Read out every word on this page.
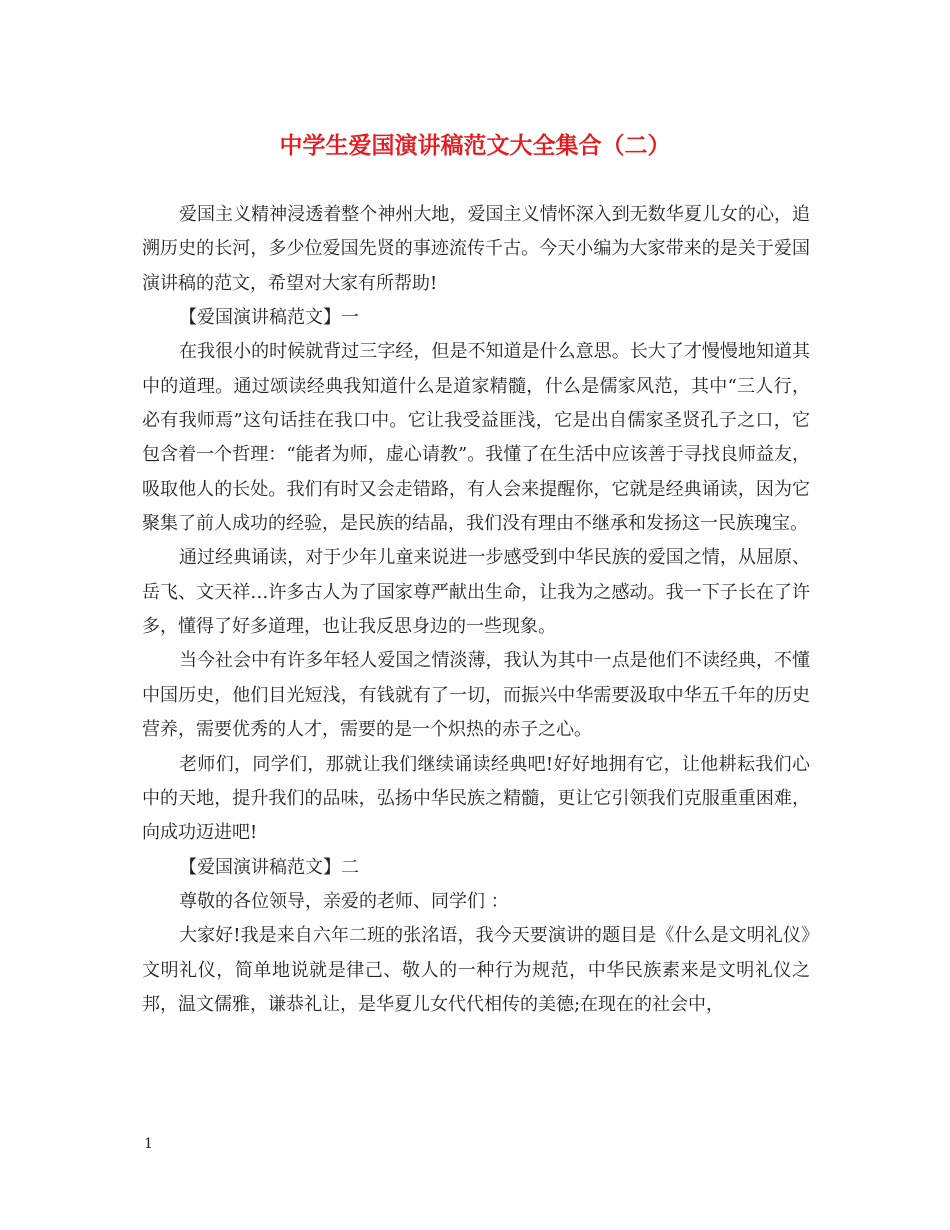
中学生爱国演讲稿范文大全集合（二）

爱国主义精神浸透着整个神州大地，爱国主义情怀深入到无数华夏儿女的心，追溯历史的长河，多少位爱国先贤的事迹流传千古。今天小编为大家带来的是关于爱国演讲稿的范文，希望对大家有所帮助!

【爱国演讲稿范文】一

在我很小的时候就背过三字经，但是不知道是什么意思。长大了才慢慢地知道其中的道理。通过颂读经典我知道什么是道家精髓，什么是儒家风范，其中“三人行，必有我师焉”这句话挂在我口中。它让我受益匪浅，它是出自儒家圣贤孔子之口，它包含着一个哲理：“能者为师，虚心请教”。我懂了在生活中应该善于寻找良师益友，吸取他人的长处。我们有时又会走错路，有人会来提醒你，它就是经典诵读，因为它聚集了前人成功的经验，是民族的结晶，我们没有理由不继承和发扬这一民族瑰宝。

通过经典诵读，对于少年儿童来说进一步感受到中华民族的爱国之情，从屈原、岳飞、文天祥…许多古人为了国家尊严献出生命，让我为之感动。我一下子长在了许多，懂得了好多道理，也让我反思身边的一些现象。

当今社会中有许多年轻人爱国之情淡薄，我认为其中一点是他们不读经典，不懂中国历史，他们目光短浅，有钱就有了一切，而振兴中华需要汲取中华五千年的历史营养，需要优秀的人才，需要的是一个炽热的赤子之心。

老师们，同学们，那就让我们继续诵读经典吧!好好地拥有它，让他耕耘我们心中的天地，提升我们的品味，弘扬中华民族之精髓，更让它引领我们克服重重困难，向成功迈进吧!

【爱国演讲稿范文】二

尊敬的各位领导，亲爱的老师、同学们 ：

大家好!我是来自六年二班的张洺语，我今天要演讲的题目是《什么是文明礼仪》文明礼仪，简单地说就是律己、敬人的一种行为规范，中华民族素来是文明礼仪之邦，温文儒雅，谦恭礼让，是华夏儿女代代相传的美德;在现在的社会中，

1
